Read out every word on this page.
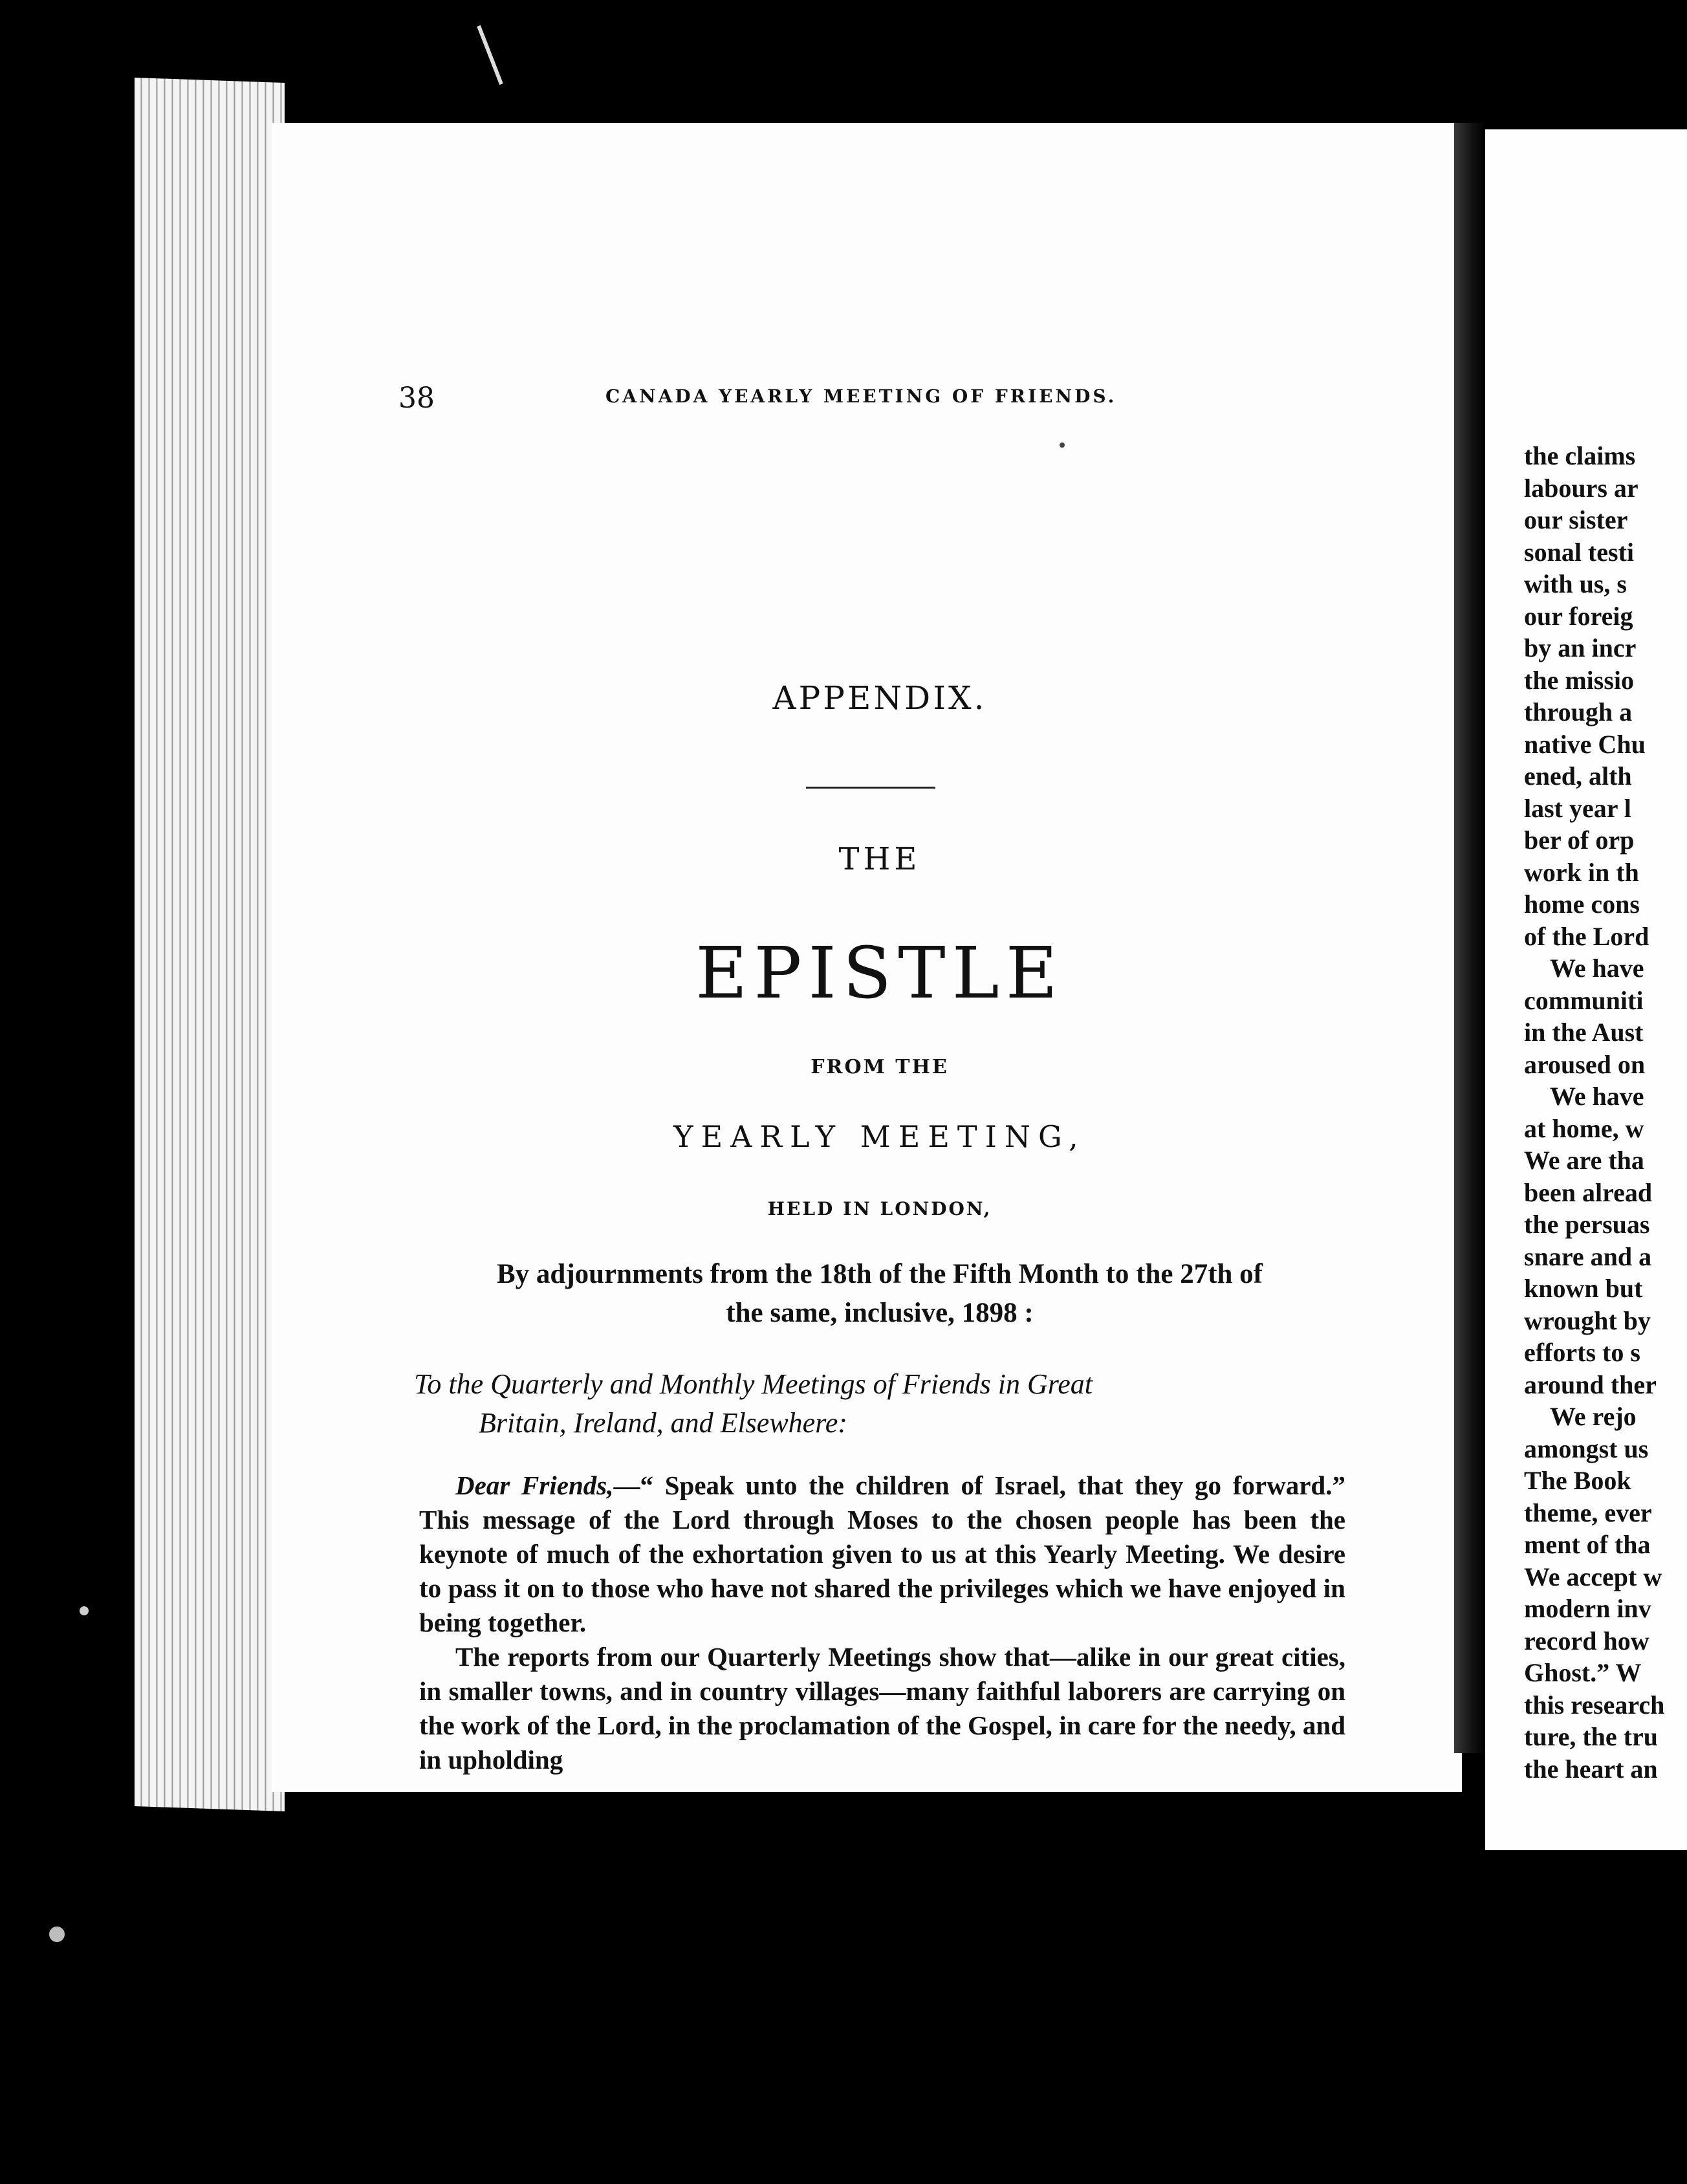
38	CANADA YEARLY MEETING OF FRIENDS.
APPENDIX.
THE
EPISTLE
FROM THE
YEARLY MEETING,
HELD IN LONDON,
By adjournments from the 18th of the Fifth Month to the 27th of
the same, inclusive, 1898 :
To the Quarterly and Monthly Meetings of Friends in Great
Britain, Ireland, and Elsewhere:

Dear Friends,—“ Speak unto the children of Israel, that they go forward.” This message of the Lord through Moses to the chosen people has been the keynote of much of the exhortation given to us at this Yearly Meeting. We desire to pass it on to those who have not shared the privileges which we have enjoyed in being together.

The reports from our Quarterly Meetings show that—alike in our great cities, in smaller towns, and in country villages—many faithful laborers are carrying on the work of the Lord, in the proclamation of the Gospel, in care for the needy, and in upholding

the claims
labours ar
our sister
sonal testi
with us, s
our foreig
by an incr
the missio
through a
native Chu
ened, alth
last year l
ber of orp
work in th
home cons
of the Lord
We have
communiti
in the Aust
aroused on
We have
at home, w
We are tha
been alread
the persuas
snare and a
known but
wrought by
efforts to s
around ther
We rejo
amongst us
The Book
theme, ever
ment of tha
We accept w
modern inv
record how
Ghost.” W
this research
ture, the tru
the heart an
